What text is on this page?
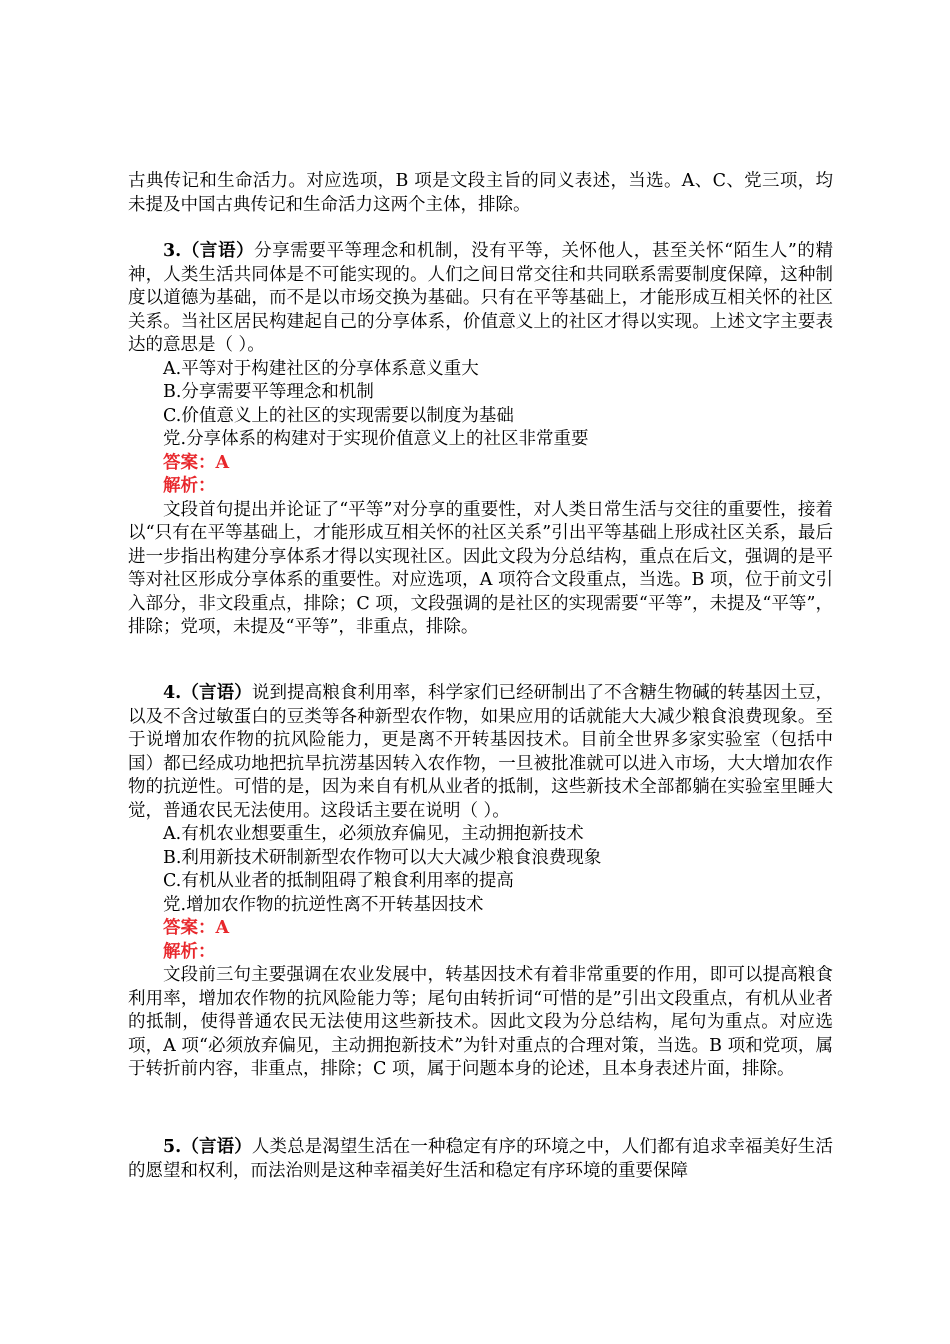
古典传记和生命活力。对应选项，B 项是文段主旨的同义表述，当选。A、C、党三项，均未提及中国古典传记和生命活力这两个主体，排除。

3.（言语）分享需要平等理念和机制，没有平等，关怀他人，甚至关怀“陌生人”的精神，人类生活共同体是不可能实现的。人们之间日常交往和共同联系需要制度保障，这种制度以道德为基础，而不是以市场交换为基础。只有在平等基础上，才能形成互相关怀的社区关系。当社区居民构建起自己的分享体系，价值意义上的社区才得以实现。上述文字主要表达的意思是（ ）。

A.平等对于构建社区的分享体系意义重大

B.分享需要平等理念和机制

C.价值意义上的社区的实现需要以制度为基础

党.分享体系的构建对于实现价值意义上的社区非常重要

答案：A

解析：

文段首句提出并论证了“平等”对分享的重要性，对人类日常生活与交往的重要性，接着以“只有在平等基础上，才能形成互相关怀的社区关系”引出平等基础上形成社区关系，最后进一步指出构建分享体系才得以实现社区。因此文段为分总结构，重点在后文，强调的是平等对社区形成分享体系的重要性。对应选项，A 项符合文段重点，当选。B 项，位于前文引入部分，非文段重点，排除；C 项，文段强调的是社区的实现需要“平等”，未提及“平等”，排除；党项，未提及“平等”，非重点，排除。

4.（言语）说到提高粮食利用率，科学家们已经研制出了不含糖生物碱的转基因土豆，以及不含过敏蛋白的豆类等各种新型农作物，如果应用的话就能大大减少粮食浪费现象。至于说增加农作物的抗风险能力，更是离不开转基因技术。目前全世界多家实验室（包括中国）都已经成功地把抗旱抗涝基因转入农作物，一旦被批准就可以进入市场，大大增加农作物的抗逆性。可惜的是，因为来自有机从业者的抵制，这些新技术全部都躺在实验室里睡大觉，普通农民无法使用。这段话主要在说明（ ）。

A.有机农业想要重生，必须放弃偏见，主动拥抱新技术

B.利用新技术研制新型农作物可以大大减少粮食浪费现象

C.有机从业者的抵制阻碍了粮食利用率的提高

党.增加农作物的抗逆性离不开转基因技术

答案：A

解析：

文段前三句主要强调在农业发展中，转基因技术有着非常重要的作用，即可以提高粮食利用率，增加农作物的抗风险能力等；尾句由转折词“可惜的是”引出文段重点，有机从业者的抵制，使得普通农民无法使用这些新技术。因此文段为分总结构，尾句为重点。对应选项，A 项“必须放弃偏见，主动拥抱新技术”为针对重点的合理对策，当选。B 项和党项，属于转折前内容，非重点，排除；C 项，属于问题本身的论述，且本身表述片面，排除。

5.（言语）人类总是渴望生活在一种稳定有序的环境之中，人们都有追求幸福美好生活的愿望和权利，而法治则是这种幸福美好生活和稳定有序环境的重要保障
